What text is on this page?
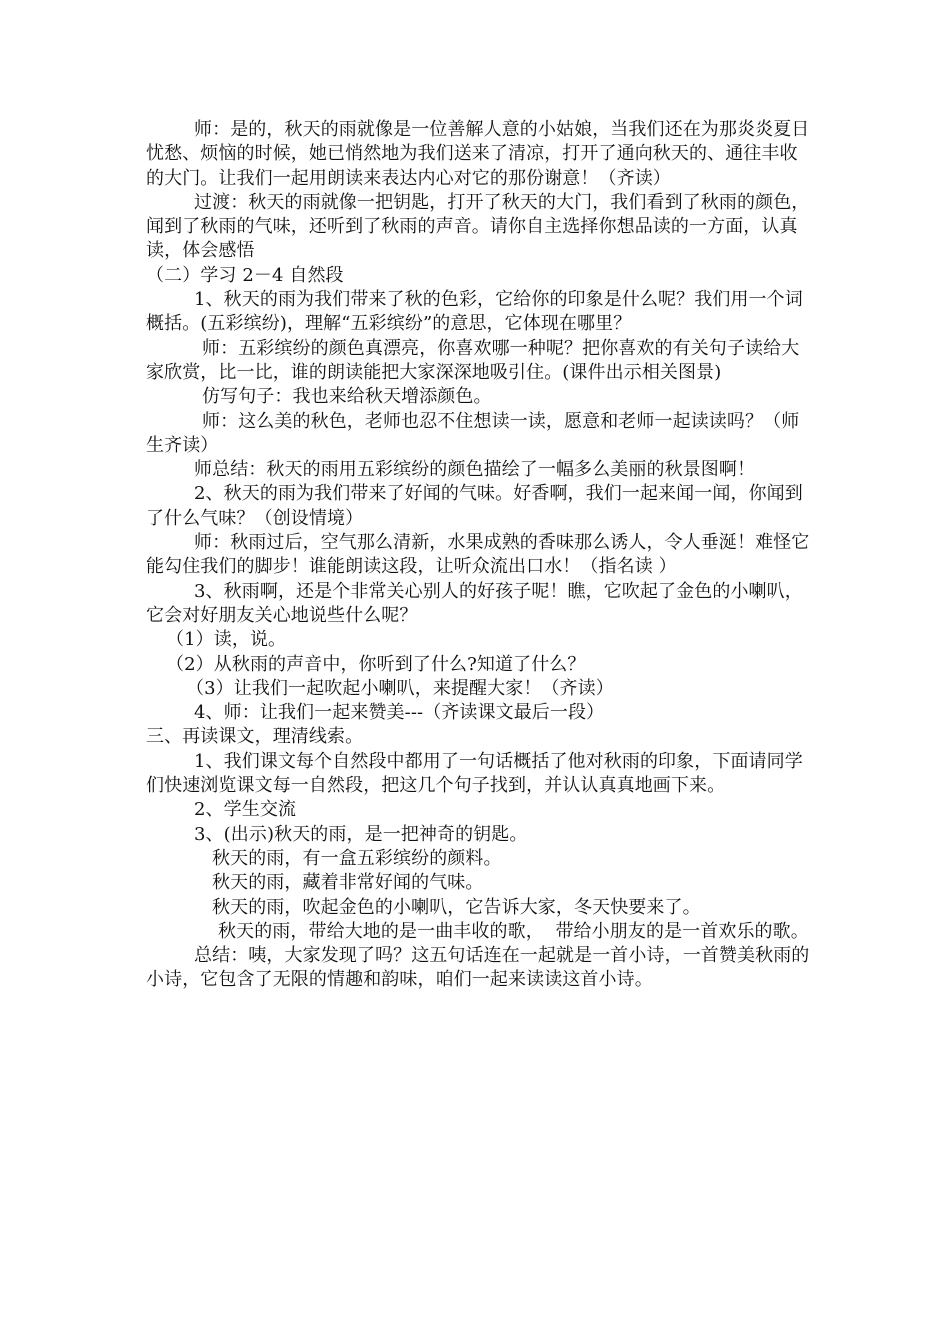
师：是的，秋天的雨就像是一位善解人意的小姑娘，当我们还在为那炎炎夏日忧愁、烦恼的时候，她已悄然地为我们送来了清凉，打开了通向秋天的、通往丰收的大门。让我们一起用朗读来表达内心对它的那份谢意！（齐读）

过渡：秋天的雨就像一把钥匙，打开了秋天的大门，我们看到了秋雨的颜色，闻到了秋雨的气味，还听到了秋雨的声音。请你自主选择你想品读的一方面，认真读，体会感悟

（二）学习 2－4 自然段

1、秋天的雨为我们带来了秋的色彩，它给你的印象是什么呢？我们用一个词概括。(五彩缤纷)，理解“五彩缤纷”的意思，它体现在哪里？

师：五彩缤纷的颜色真漂亮，你喜欢哪一种呢？把你喜欢的有关句子读给大家欣赏，比一比，谁的朗读能把大家深深地吸引住。(课件出示相关图景)

仿写句子：我也来给秋天增添颜色。

师：这么美的秋色，老师也忍不住想读一读，愿意和老师一起读读吗？（师生齐读）

师总结：秋天的雨用五彩缤纷的颜色描绘了一幅多么美丽的秋景图啊！

2、秋天的雨为我们带来了好闻的气味。好香啊，我们一起来闻一闻，你闻到了什么气味？（创设情境）

师：秋雨过后，空气那么清新，水果成熟的香味那么诱人，令人垂涎！难怪它能勾住我们的脚步！谁能朗读这段，让听众流出口水！（指名读 ）

3、秋雨啊，还是个非常关心别人的好孩子呢！瞧，它吹起了金色的小喇叭，它会对好朋友关心地说些什么呢？

（1）读，说。

（2）从秋雨的声音中，你听到了什么?知道了什么？

（3）让我们一起吹起小喇叭，来提醒大家！（齐读）

4、师：让我们一起来赞美---（齐读课文最后一段）

三、再读课文，理清线索。

1、我们课文每个自然段中都用了一句话概括了他对秋雨的印象，下面请同学们快速浏览课文每一自然段，把这几个句子找到，并认认真真地画下来。

2、学生交流

3、(出示)秋天的雨，是一把神奇的钥匙。

秋天的雨，有一盒五彩缤纷的颜料。

秋天的雨，藏着非常好闻的气味。

秋天的雨，吹起金色的小喇叭，它告诉大家，冬天快要来了。

秋天的雨，带给大地的是一曲丰收的歌，  带给小朋友的是一首欢乐的歌。

总结：咦，大家发现了吗？这五句话连在一起就是一首小诗，一首赞美秋雨的小诗，它包含了无限的情趣和韵味，咱们一起来读读这首小诗。
